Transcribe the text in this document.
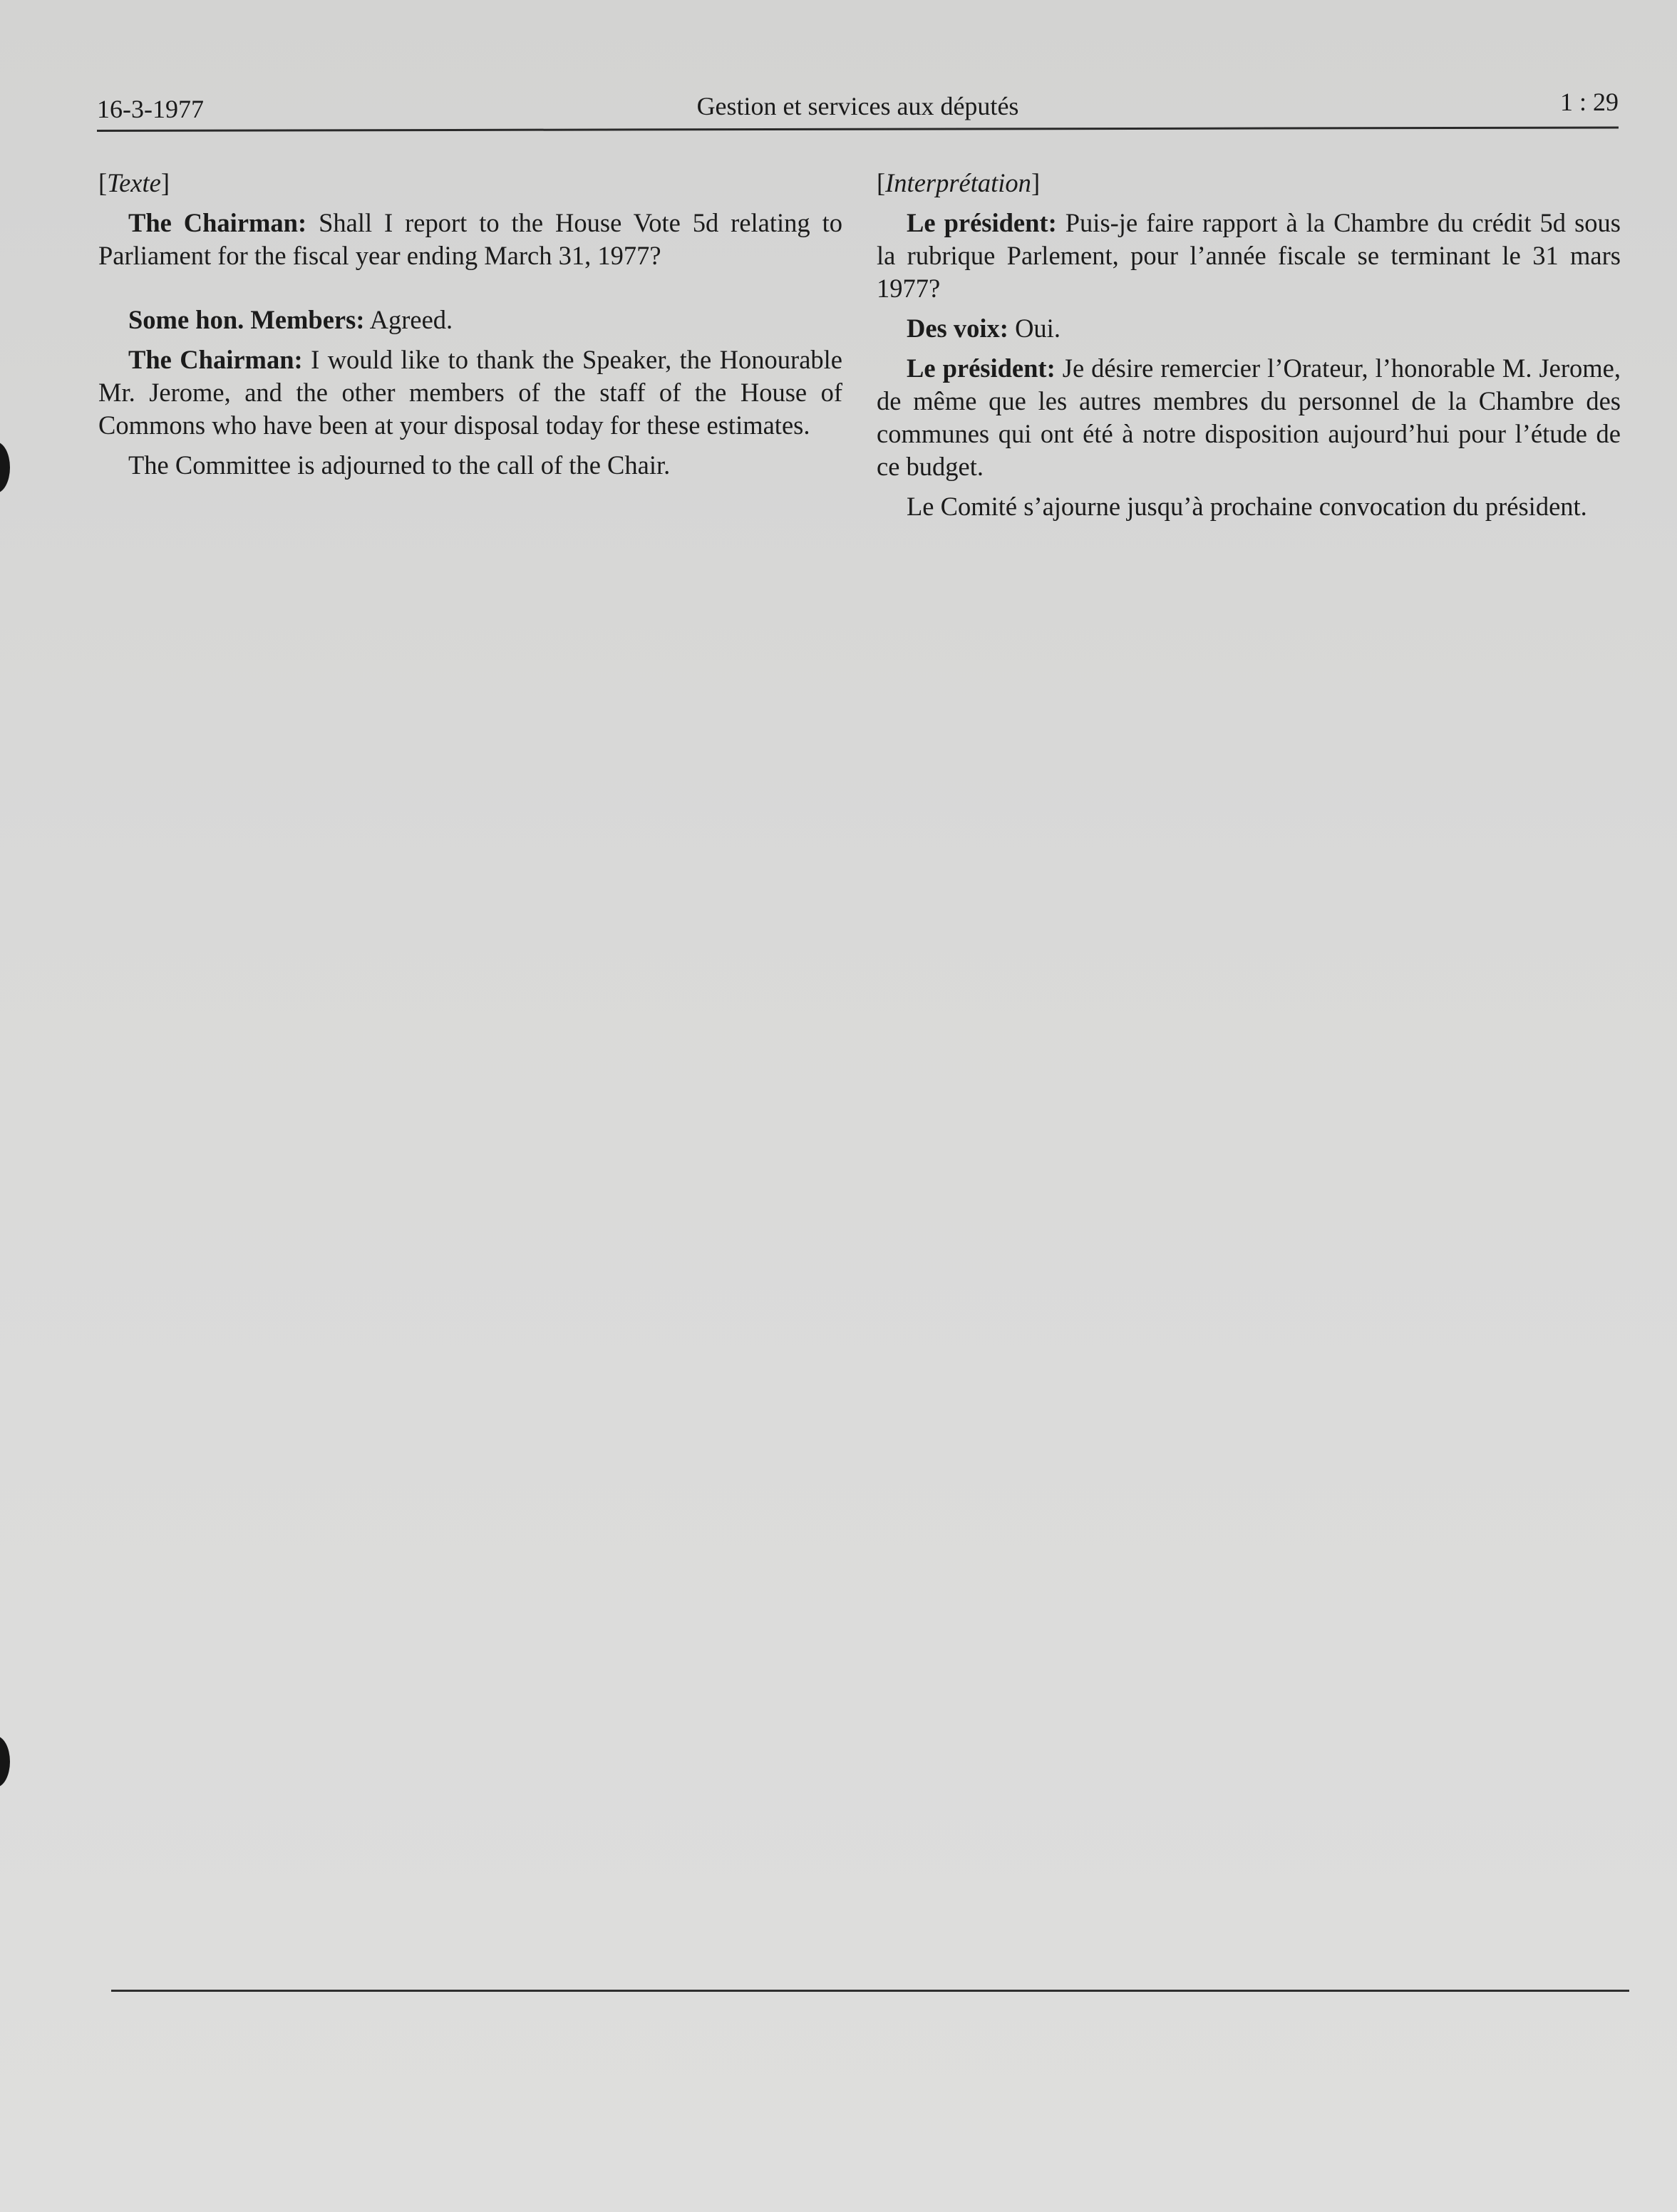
16-3-1977	Gestion et services aux députés	1 : 29

[Texte]

The Chairman: Shall I report to the House Vote 5d relating to Parliament for the fiscal year ending March 31, 1977?

Some hon. Members: Agreed.

The Chairman: I would like to thank the Speaker, the Honourable Mr. Jerome, and the other members of the staff of the House of Commons who have been at your disposal today for these estimates.

The Committee is adjourned to the call of the Chair.

[Interprétation]

Le président: Puis-je faire rapport à la Chambre du crédit 5d sous la rubrique Parlement, pour l’année fiscale se terminant le 31 mars 1977?

Des voix: Oui.

Le président: Je désire remercier l’Orateur, l’honorable M. Jerome, de même que les autres membres du personnel de la Chambre des communes qui ont été à notre disposition aujourd’hui pour l’étude de ce budget.

Le Comité s’ajourne jusqu’à prochaine convocation du président.
